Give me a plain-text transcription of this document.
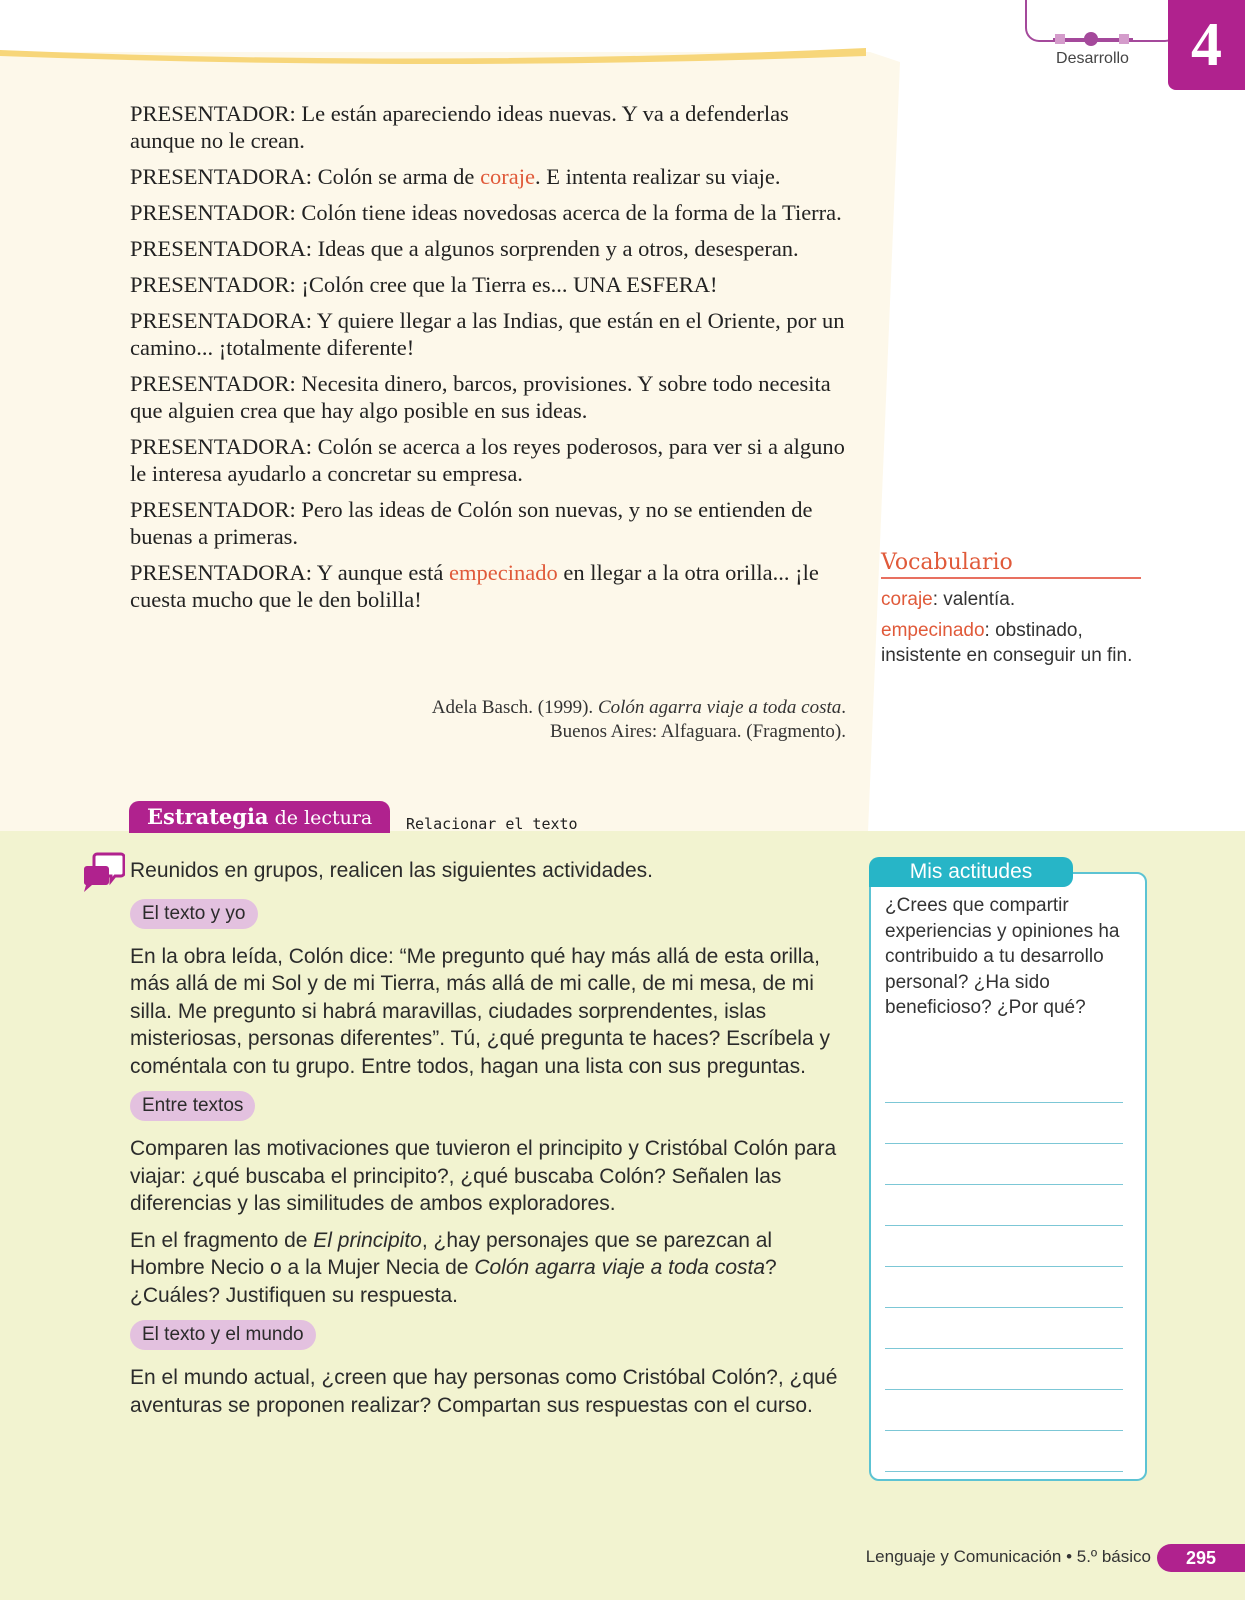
Desarrollo	4

PRESENTADOR: Le están apareciendo ideas nuevas. Y va a defenderlas aunque no le crean.

PRESENTADORA: Colón se arma de coraje. E intenta realizar su viaje.

PRESENTADOR: Colón tiene ideas novedosas acerca de la forma de la Tierra.

PRESENTADORA: Ideas que a algunos sorprenden y a otros, desesperan.

PRESENTADOR: ¡Colón cree que la Tierra es... UNA ESFERA!

PRESENTADORA: Y quiere llegar a las Indias, que están en el Oriente, por un camino... ¡totalmente diferente!

PRESENTADOR: Necesita dinero, barcos, provisiones. Y sobre todo necesita que alguien crea que hay algo posible en sus ideas.

PRESENTADORA: Colón se acerca a los reyes poderosos, para ver si a alguno le interesa ayudarlo a concretar su empresa.

PRESENTADOR: Pero las ideas de Colón son nuevas, y no se entienden de buenas a primeras.

PRESENTADORA: Y aunque está empecinado en llegar a la otra orilla... ¡le cuesta mucho que le den bolilla!

Adela Basch. (1999). Colón agarra viaje a toda costa.
Buenos Aires: Alfaguara. (Fragmento).
Vocabulario
coraje: valentía.
empecinado: obstinado, insistente en conseguir un fin.
Estrategia de lectura	Relacionar el texto

Reunidos en grupos, realicen las siguientes actividades.

El texto y yo

En la obra leída, Colón dice: “Me pregunto qué hay más allá de esta orilla, más allá de mi Sol y de mi Tierra, más allá de mi calle, de mi mesa, de mi silla. Me pregunto si habrá maravillas, ciudades sorprendentes, islas misteriosas, personas diferentes”. Tú, ¿qué pregunta te haces? Escríbela y coméntala con tu grupo. Entre todos, hagan una lista con sus preguntas.

Entre textos

Comparen las motivaciones que tuvieron el principito y Cristóbal Colón para viajar: ¿qué buscaba el principito?, ¿qué buscaba Colón? Señalen las diferencias y las similitudes de ambos exploradores.

En el fragmento de El principito, ¿hay personajes que se parezcan al Hombre Necio o a la Mujer Necia de Colón agarra viaje a toda costa? ¿Cuáles? Justifiquen su respuesta.

El texto y el mundo

En el mundo actual, ¿creen que hay personas como Cristóbal Colón?, ¿qué aventuras se proponen realizar? Compartan sus respuestas con el curso.

Mis actitudes
¿Crees que compartir experiencias y opiniones ha contribuido a tu desarrollo personal? ¿Ha sido beneficioso? ¿Por qué?
Lenguaje y Comunicación • 5.º básico	295
